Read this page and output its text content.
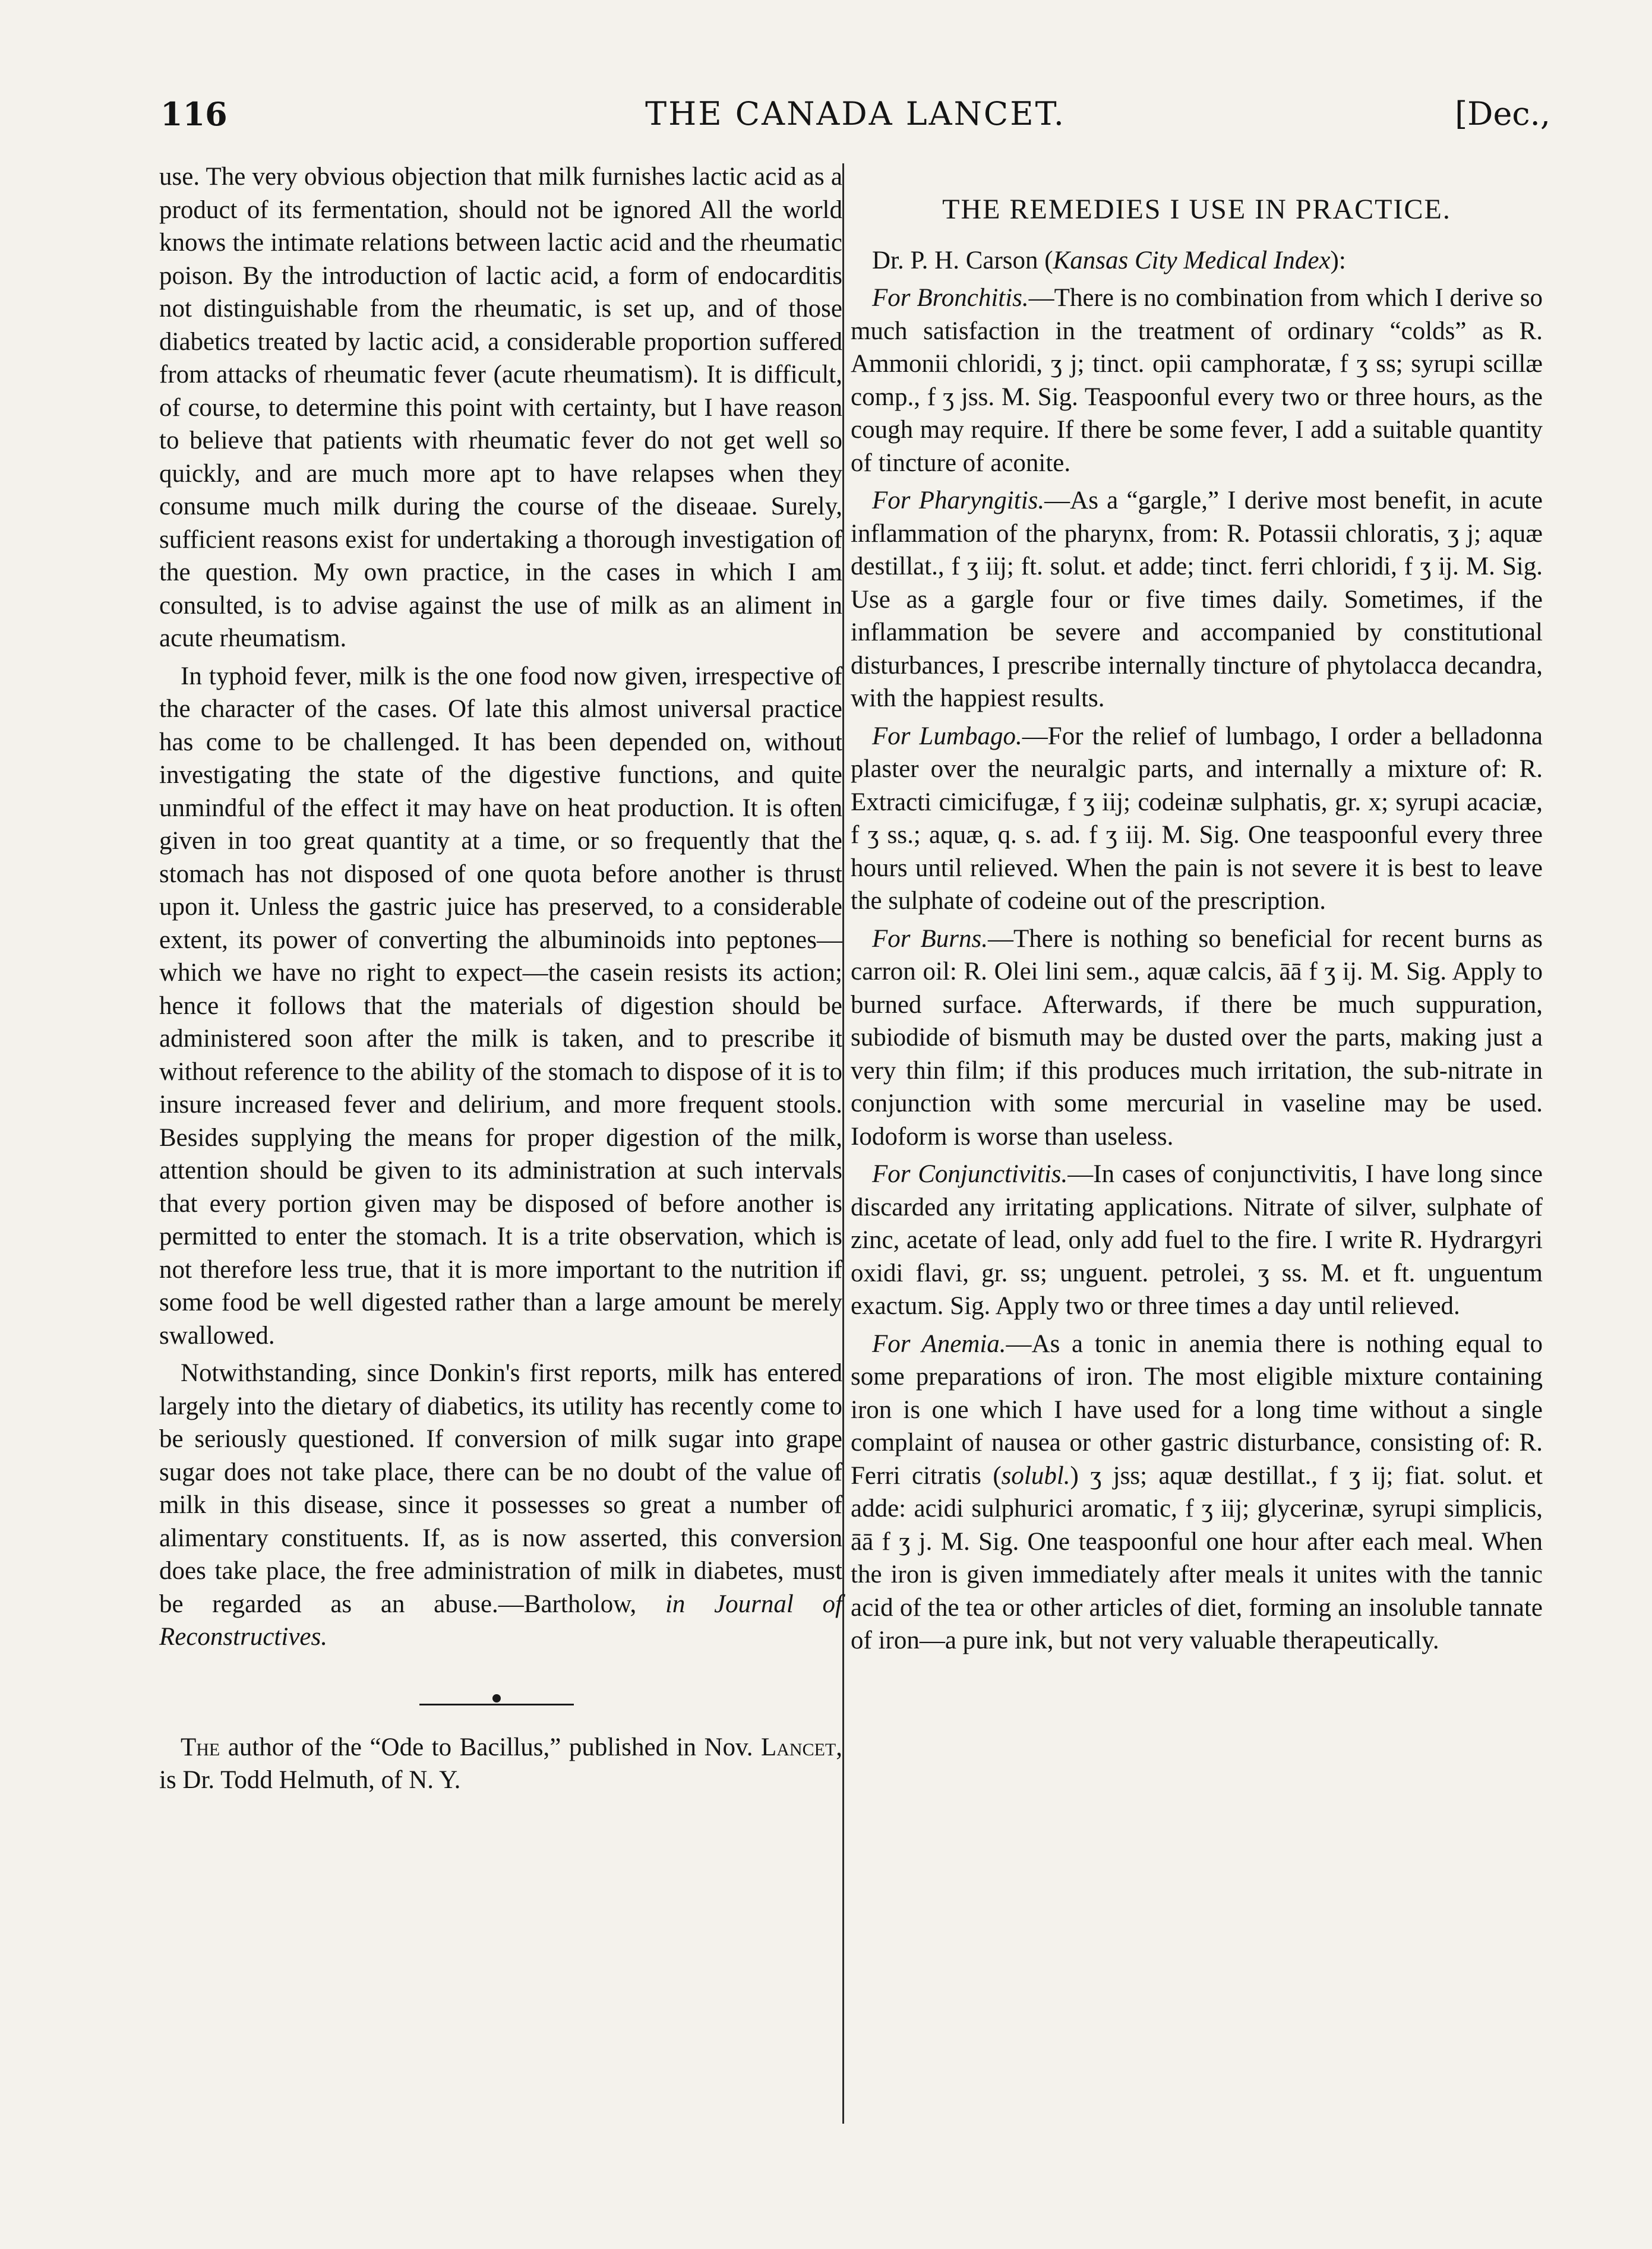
116	THE CANADA LANCET.	[Dec.,

use. The very obvious objection that milk furnishes lactic acid as a product of its fermentation, should not be ignored All the world knows the intimate relations between lactic acid and the rheumatic poison. By the introduction of lactic acid, a form of endocarditis not distinguishable from the rheumatic, is set up, and of those diabetics treated by lactic acid, a considerable proportion suffered from attacks of rheumatic fever (acute rheumatism). It is difficult, of course, to determine this point with certainty, but I have reason to believe that patients with rheumatic fever do not get well so quickly, and are much more apt to have relapses when they consume much milk during the course of the diseaae. Surely, sufficient reasons exist for undertaking a thorough investigation of the question. My own practice, in the cases in which I am consulted, is to advise against the use of milk as an aliment in acute rheumatism.

In typhoid fever, milk is the one food now given, irrespective of the character of the cases. Of late this almost universal practice has come to be challenged. It has been depended on, without investigating the state of the digestive functions, and quite unmindful of the effect it may have on heat production. It is often given in too great quantity at a time, or so frequently that the stomach has not disposed of one quota before another is thrust upon it. Unless the gastric juice has preserved, to a considerable extent, its power of converting the albuminoids into peptones—which we have no right to expect—the casein resists its action; hence it follows that the materials of digestion should be administered soon after the milk is taken, and to prescribe it without reference to the ability of the stomach to dispose of it is to insure increased fever and delirium, and more frequent stools. Besides supplying the means for proper digestion of the milk, attention should be given to its administration at such intervals that every portion given may be disposed of before another is permitted to enter the stomach. It is a trite observation, which is not therefore less true, that it is more important to the nutrition if some food be well digested rather than a large amount be merely swallowed.

Notwithstanding, since Donkin's first reports, milk has entered largely into the dietary of diabetics, its utility has recently come to be seriously questioned. If conversion of milk sugar into grape sugar does not take place, there can be no doubt of the value of milk in this disease, since it possesses so great a number of alimentary constituents. If, as is now asserted, this conversion does take place, the free administration of milk in diabetes, must be regarded as an abuse.—Bartholow, in Journal of Reconstructives.

The author of the “Ode to Bacillus,” published in Nov. Lancet, is Dr. Todd Helmuth, of N. Y.

THE REMEDIES I USE IN PRACTICE.

Dr. P. H. Carson (Kansas City Medical Index):

For Bronchitis.—There is no combination from which I derive so much satisfaction in the treatment of ordinary “colds” as R. Ammonii chloridi, ʒ j; tinct. opii camphoratæ, f ʒ ss; syrupi scillæ comp., f ʒ jss. M. Sig. Teaspoonful every two or three hours, as the cough may require. If there be some fever, I add a suitable quantity of tincture of aconite.

For Pharyngitis.—As a “gargle,” I derive most benefit, in acute inflammation of the pharynx, from: R. Potassii chloratis, ʒ j; aquæ destillat., f ʒ iij; ft. solut. et adde; tinct. ferri chloridi, f ʒ ij. M. Sig. Use as a gargle four or five times daily. Sometimes, if the inflammation be severe and accompanied by constitutional disturbances, I prescribe internally tincture of phytolacca decandra, with the happiest results.

For Lumbago.—For the relief of lumbago, I order a belladonna plaster over the neuralgic parts, and internally a mixture of: R. Extracti cimicifugæ, f ʒ iij; codeinæ sulphatis, gr. x; syrupi acaciæ, f ʒ ss.; aquæ, q. s. ad. f ʒ iij. M. Sig. One teaspoonful every three hours until relieved. When the pain is not severe it is best to leave the sulphate of codeine out of the prescription.

For Burns.—There is nothing so beneficial for recent burns as carron oil: R. Olei lini sem., aquæ calcis, āā f ʒ ij. M. Sig. Apply to burned surface. Afterwards, if there be much suppuration, subiodide of bismuth may be dusted over the parts, making just a very thin film; if this produces much irritation, the sub-nitrate in conjunction with some mercurial in vaseline may be used. Iodoform is worse than useless.

For Conjunctivitis.—In cases of conjunctivitis, I have long since discarded any irritating applications. Nitrate of silver, sulphate of zinc, acetate of lead, only add fuel to the fire. I write R. Hydrargyri oxidi flavi, gr. ss; unguent. petrolei, ʒ ss. M. et ft. unguentum exactum. Sig. Apply two or three times a day until relieved.

For Anemia.—As a tonic in anemia there is nothing equal to some preparations of iron. The most eligible mixture containing iron is one which I have used for a long time without a single complaint of nausea or other gastric disturbance, consisting of: R. Ferri citratis (solubl.) ʒ jss; aquæ destillat., f ʒ ij; fiat. solut. et adde: acidi sulphurici aromatic, f ʒ iij; glycerinæ, syrupi simplicis, āā f ʒ j. M. Sig. One teaspoonful one hour after each meal. When the iron is given immediately after meals it unites with the tannic acid of the tea or other articles of diet, forming an insoluble tannate of iron—a pure ink, but not very valuable therapeutically.
